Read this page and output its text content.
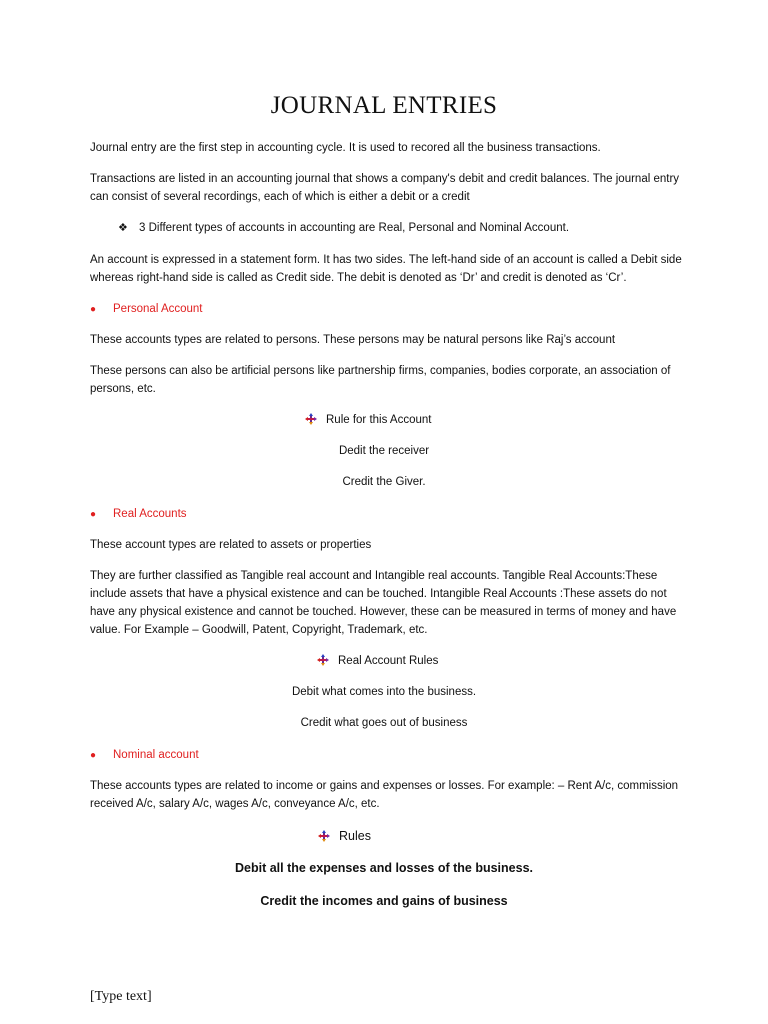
JOURNAL ENTRIES
Journal entry are the first step in accounting cycle. It is used to recored all the business transactions.
Transactions are listed in an accounting journal that shows a company's debit and credit balances. The journal entry can consist of several recordings, each of which is either a debit or a credit
❖ 3 Different types of accounts in accounting are Real, Personal and Nominal Account.
An account is expressed in a statement form. It has two sides. The left-hand side of an account is called a Debit side whereas right-hand side is called as Credit side. The debit is denoted as ‘Dr’ and credit is denoted as ‘Cr’.
● Personal Account
These accounts types are related to persons. These persons may be natural persons like Raj’s account
These persons can also be artificial persons like partnership firms, companies, bodies corporate, an association of persons, etc.
Rule for this Account
Dedit the receiver
Credit the Giver.
● Real Accounts
These account types are related to assets or properties
They are further classified as Tangible real account and Intangible real accounts. Tangible Real Accounts:These include assets that have a physical existence and can be touched. Intangible Real Accounts :These assets do not have any physical existence and cannot be touched. However, these can be measured in terms of money and have value. For Example – Goodwill, Patent, Copyright, Trademark, etc.
Real Account Rules
Debit what comes into the business.
Credit what goes out of business
● Nominal account
These accounts types are related to income or gains and expenses or losses. For example: – Rent A/c, commission received A/c, salary A/c, wages A/c, conveyance A/c, etc.
Rules
Debit all the expenses and losses of the business.
Credit the incomes and gains of business
[Type text]
